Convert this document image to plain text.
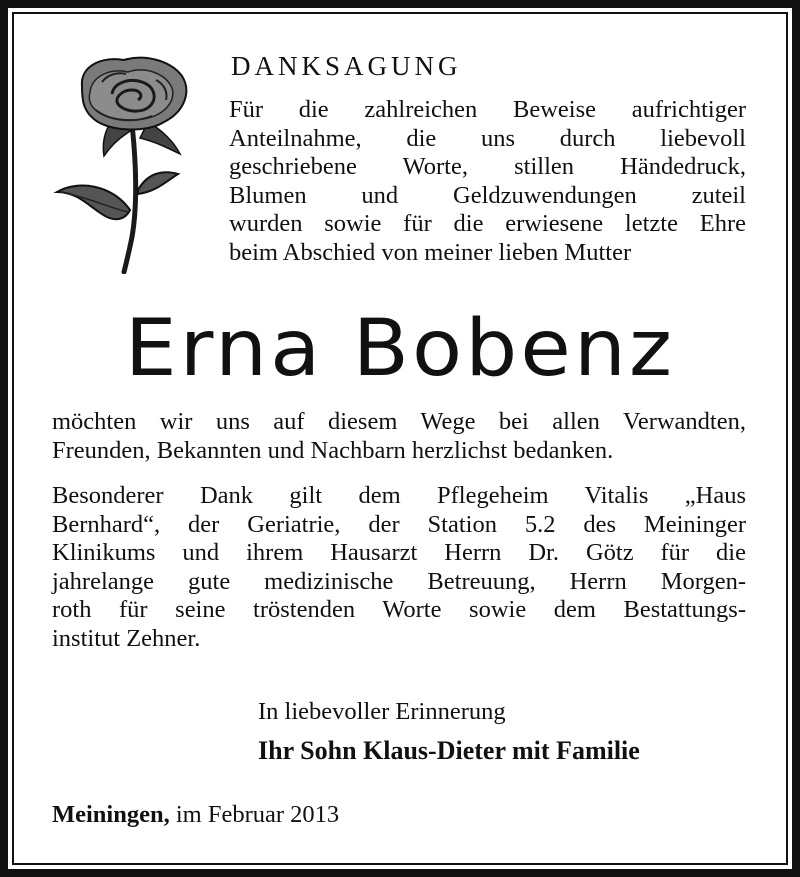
DANKSAGUNG
Für die zahlreichen Beweise aufrichtiger
Anteilnahme, die uns durch liebevoll
geschriebene Worte, stillen Händedruck,
Blumen und Geldzuwendungen zuteil
wurden sowie für die erwiesene letzte Ehre
beim Abschied von meiner lieben Mutter
Erna Bobenz
möchten wir uns auf diesem Wege bei allen Verwandten,
Freunden, Bekannten und Nachbarn herzlichst bedanken.
Besonderer Dank gilt dem Pflegeheim Vitalis „Haus
Bernhard“, der Geriatrie, der Station 5.2 des Meininger
Klinikums und ihrem Hausarzt Herrn Dr. Götz für die
jahrelange gute medizinische Betreuung, Herrn Morgen-
roth für seine tröstenden Worte sowie dem Bestattungs-
institut Zehner.
In liebevoller Erinnerung
Ihr Sohn Klaus-Dieter mit Familie
Meiningen, im Februar 2013
